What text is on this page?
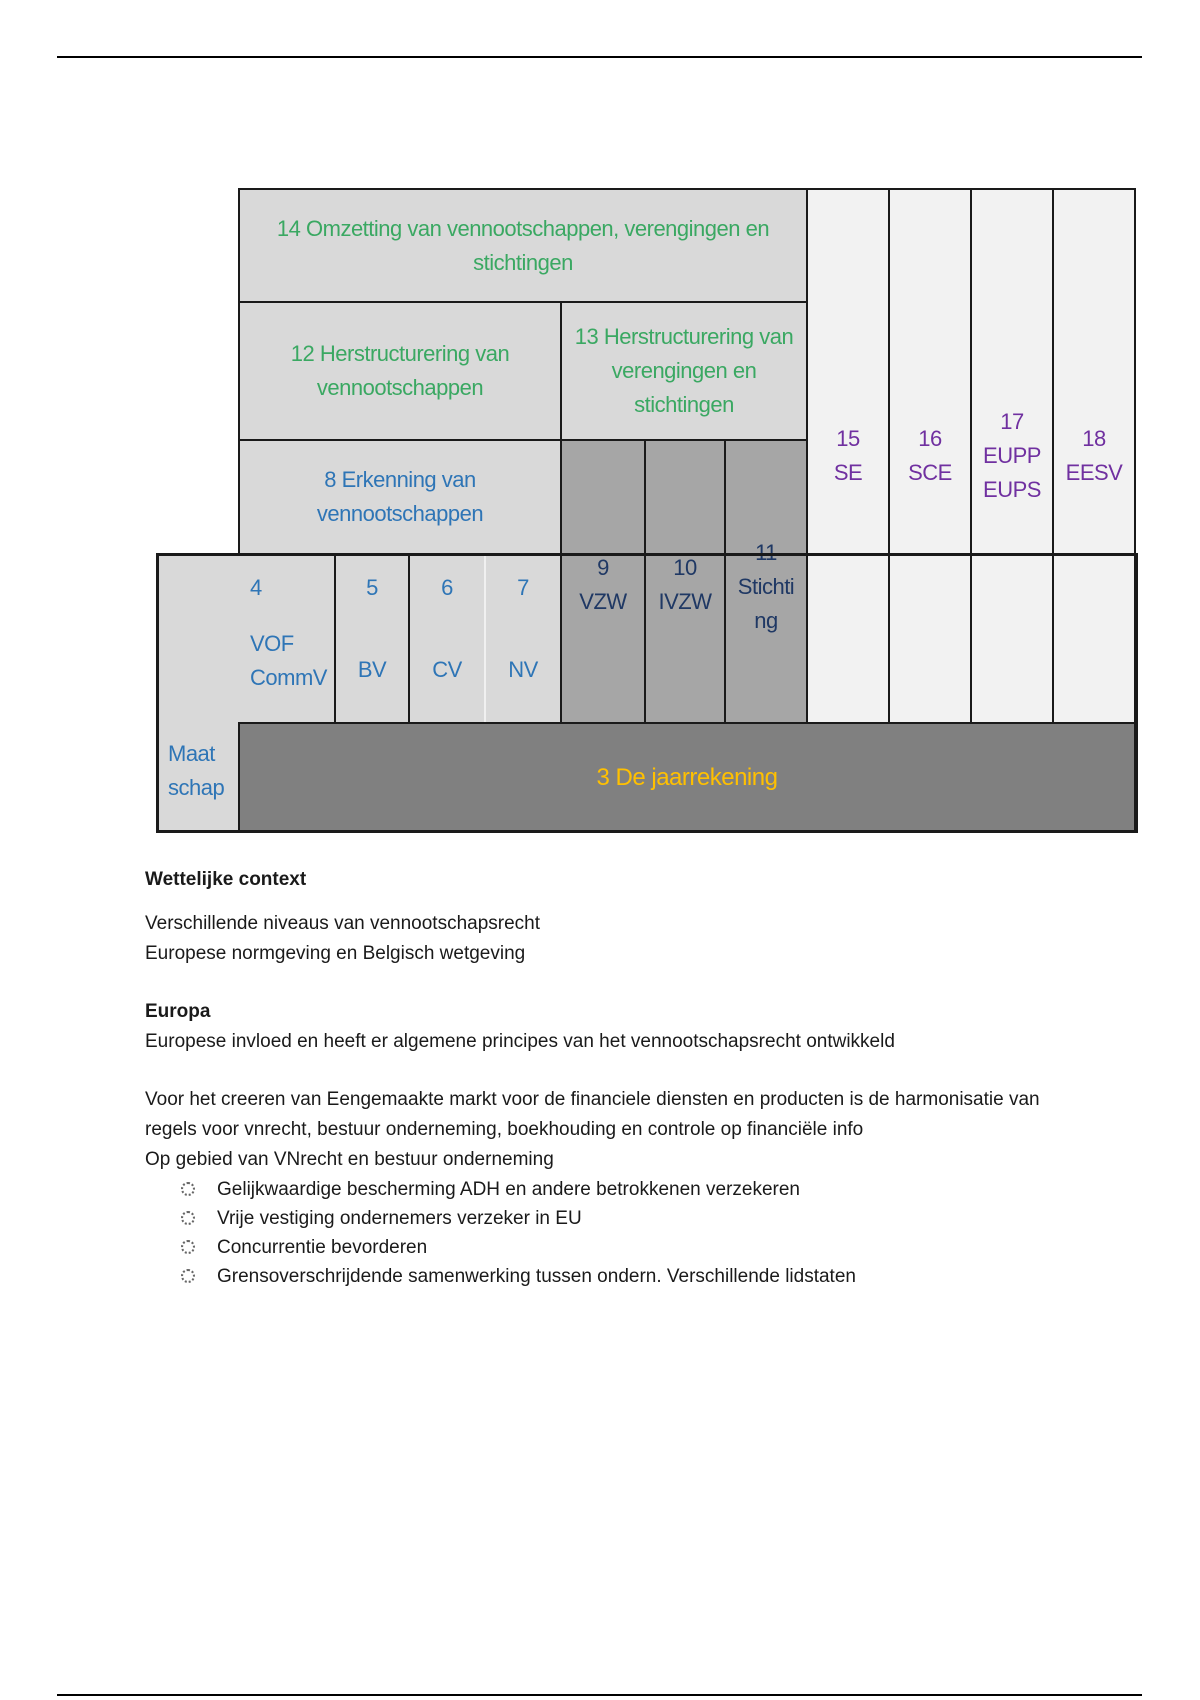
14 Omzetting van vennootschappen, verengingen en
stichtingen
12 Herstructurering van
vennootschappen
13 Herstructurering van
verengingen en
stichtingen
8 Erkenning van vennootschappen
15
SE
16
SCE
17
EUPP
EUPS
18
EESV
9
VZW
10
IVZW
11
Stichti
ng
Maat
schap
4
VOF
CommV
5
BV
6
CV
7
NV
3 De jaarrekening
Wettelijke context
Verschillende niveaus van vennootschapsrecht
Europese normgeving en Belgisch wetgeving
Europa
Europese invloed en heeft er algemene principes van het vennootschapsrecht ontwikkeld
Voor het creeren van Eengemaakte markt voor de financiele diensten en producten is de harmonisatie van regels voor vnrecht, bestuur onderneming, boekhouding en controle op financiële info
Op gebied van VNrecht en bestuur onderneming
Gelijkwaardige bescherming ADH en andere betrokkenen verzekeren
Vrije vestiging ondernemers verzeker in EU
Concurrentie bevorderen
Grensoverschrijdende samenwerking tussen ondern. Verschillende lidstaten
